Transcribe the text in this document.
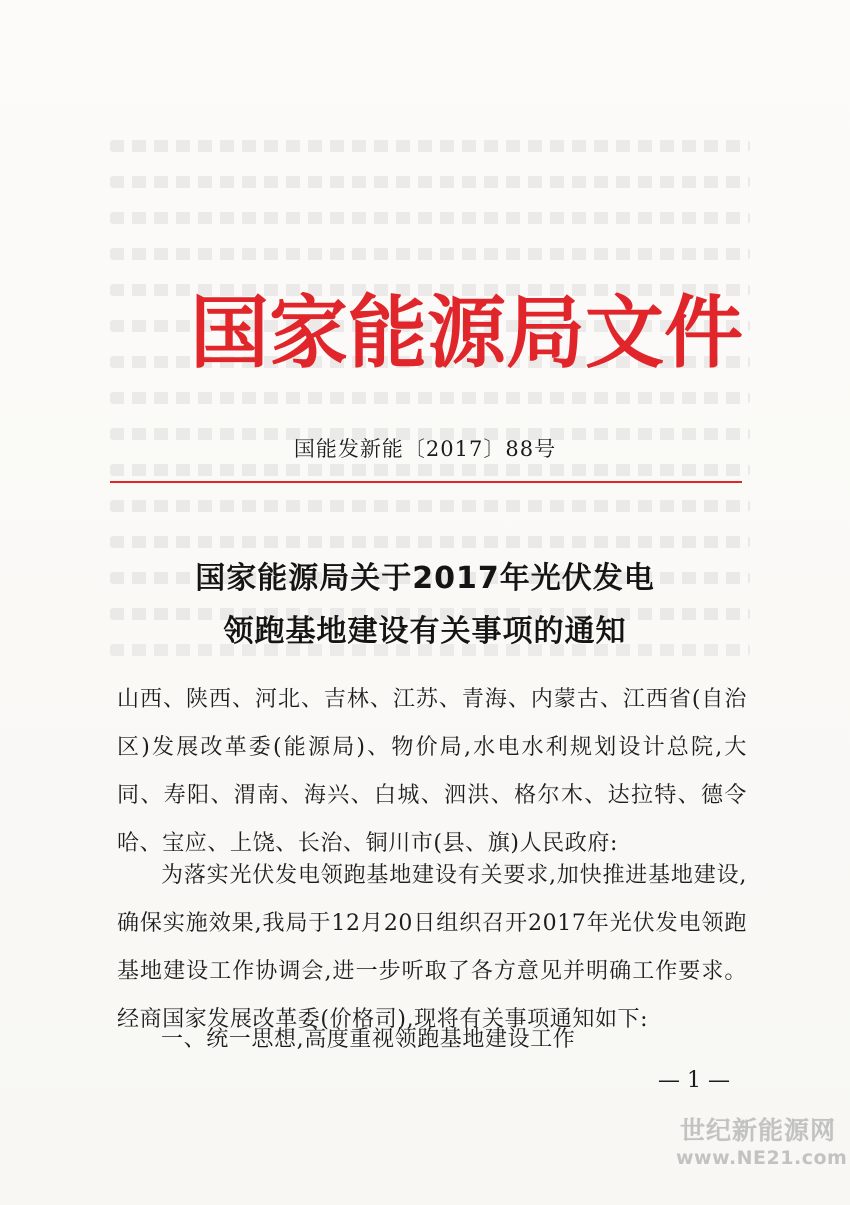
国 家 能 源 局 文 件
国能发新能〔2017〕88号
国家能源局关于2017年光伏发电
领跑基地建设有关事项的通知
山西、陕西、河北、吉林、江苏、青海、内蒙古、江西省(自治区)发展改革委(能源局)、物价局,水电水利规划设计总院,大同、寿阳、渭南、海兴、白城、泗洪、格尔木、达拉特、德令哈、宝应、上饶、长治、铜川市(县、旗)人民政府:
为落实光伏发电领跑基地建设有关要求,加快推进基地建设,确保实施效果,我局于12月20日组织召开2017年光伏发电领跑基地建设工作协调会,进一步听取了各方意见并明确工作要求。经商国家发展改革委(价格司),现将有关事项通知如下:
一、统一思想,高度重视领跑基地建设工作
— 1 —
世纪新能源网
www.NE21.com
